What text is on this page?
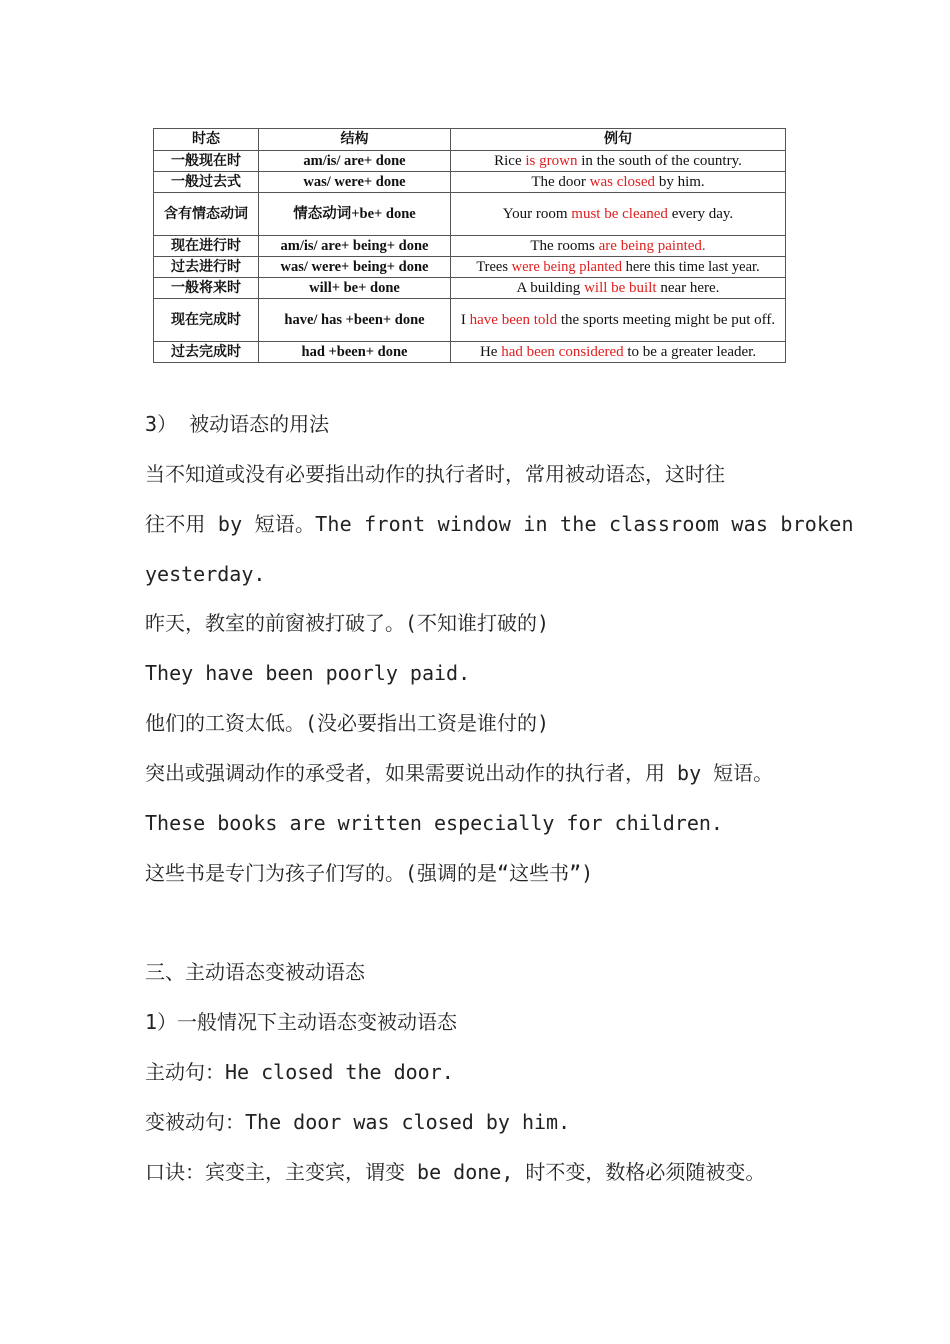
时态	结构	例句
一般现在时	am/is/ are+ done	Rice is grown in the south of the country.
一般过去式	was/ were+ done	The door was closed by him.
含有情态动词	情态动词+be+ done	Your room must be cleaned every day.
现在进行时	am/is/ are+ being+ done	The rooms are being painted.
过去进行时	was/ were+ being+ done	Trees were being planted here this time last year.
一般将来时	will+ be+ done	A building will be built near here.
现在完成时	have/ has +been+ done	I have been told the sports meeting might be put off.
过去完成时	had +been+ done	He had been considered to be a greater leader.

3） 被动语态的用法

当不知道或没有必要指出动作的执行者时，常用被动语态，这时往

往不用 by 短语。The front window in the classroom was broken

yesterday.

昨天，教室的前窗被打破了。(不知谁打破的)

They have been poorly paid.

他们的工资太低。(没必要指出工资是谁付的)

突出或强调动作的承受者，如果需要说出动作的执行者，用 by 短语。

These books are written especially for children.

这些书是专门为孩子们写的。(强调的是“这些书”)

三、主动语态变被动语态

1）一般情况下主动语态变被动语态

主动句：He closed the door.

变被动句：The door was closed by him.

口诀：宾变主，主变宾，谓变 be done, 时不变，数格必须随被变。
